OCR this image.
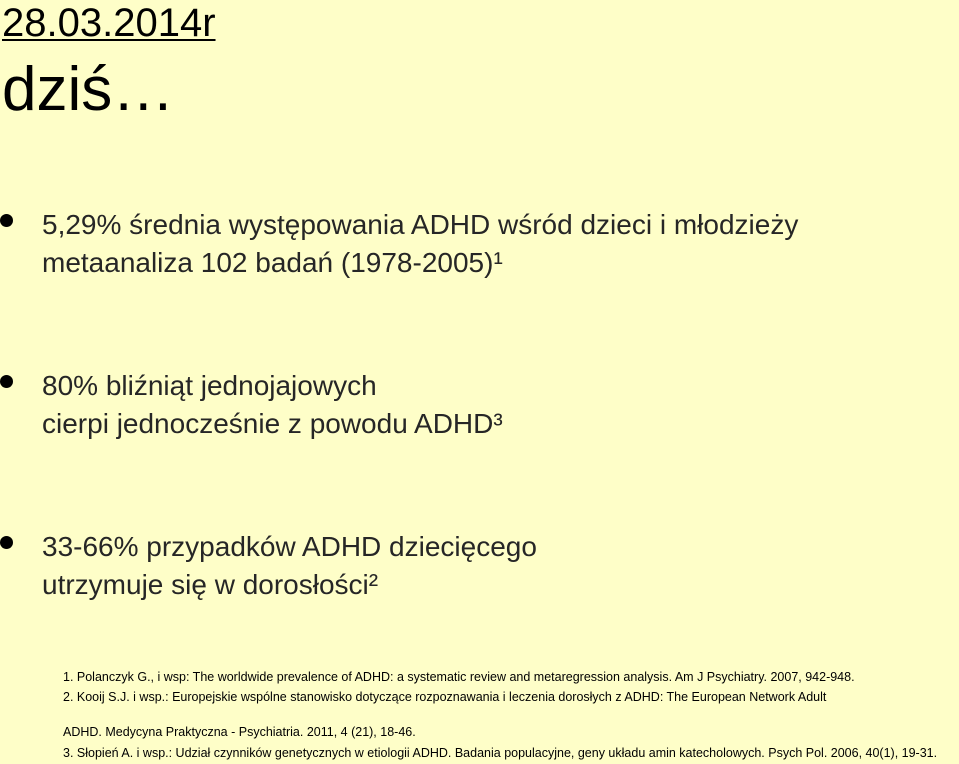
28.03.2014r
dziś…
5,29% średnia występowania ADHD wśród dzieci i młodzieży
metaanaliza 102 badań (1978-2005)¹
80% bliźniąt jednojajowych
cierpi jednocześnie z powodu ADHD³
33-66% przypadków ADHD dziecięcego
utrzymuje się w dorosłości²
1. Polanczyk G., i wsp: The worldwide prevalence of ADHD: a systematic review and metaregression analysis. Am J Psychiatry. 2007, 942-948.
2. Kooij S.J. i wsp.: Europejskie wspólne stanowisko dotyczące rozpoznawania i leczenia dorosłych z ADHD: The European Network Adult
ADHD. Medycyna Praktyczna - Psychiatria. 2011, 4 (21), 18-46.
3. Słopień A. i wsp.: Udział czynników genetycznych w etiologii ADHD. Badania populacyjne, geny układu amin katecholowych. Psych Pol. 2006, 40(1), 19-31.
